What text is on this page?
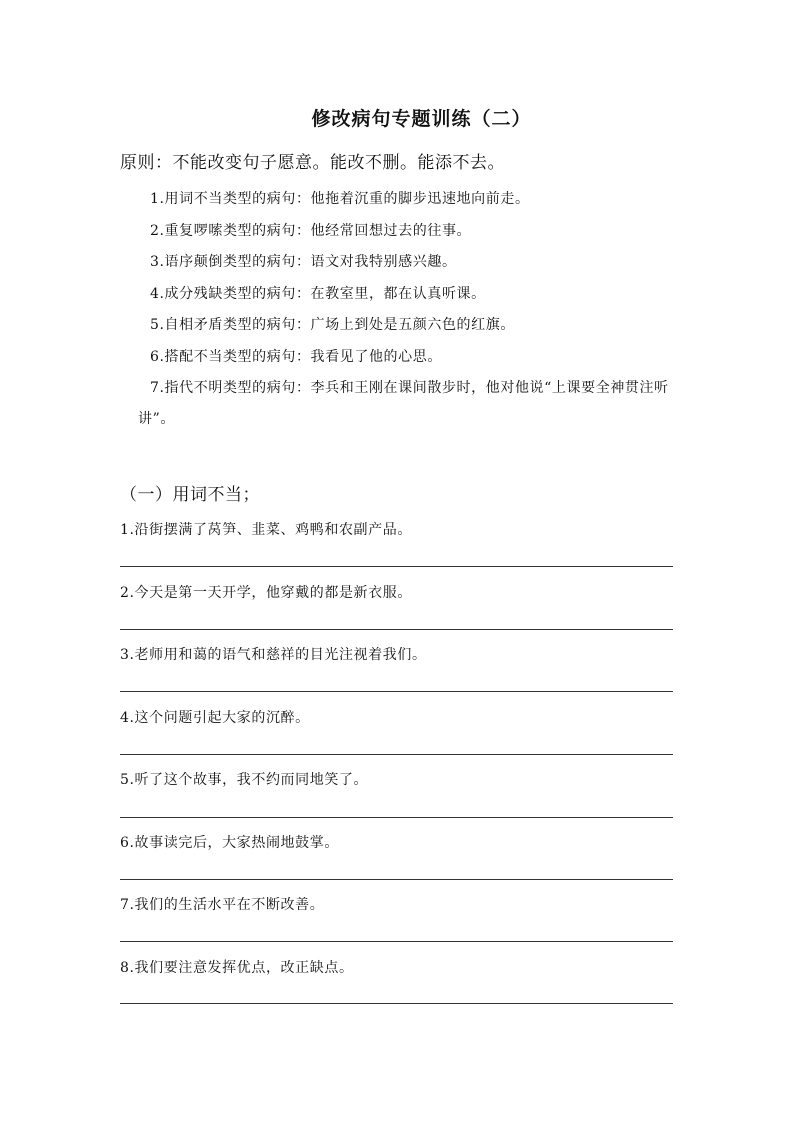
修改病句专题训练（二）
原则：不能改变句子愿意。能改不删。能添不去。
1.用词不当类型的病句：他拖着沉重的脚步迅速地向前走。
2.重复啰嗦类型的病句：他经常回想过去的往事。
3.语序颠倒类型的病句：语文对我特别感兴趣。
4.成分残缺类型的病句：在教室里，都在认真听课。
5.自相矛盾类型的病句：广场上到处是五颜六色的红旗。
6.搭配不当类型的病句：我看见了他的心思。
7.指代不明类型的病句：李兵和王刚在课间散步时，他对他说“上课要全神贯注听讲”。
（一）用词不当；
1.沿街摆满了莴笋、韭菜、鸡鸭和农副产品。
2.今天是第一天开学，他穿戴的都是新衣服。
3.老师用和蔼的语气和慈祥的目光注视着我们。
4.这个问题引起大家的沉醉。
5.听了这个故事，我不约而同地笑了。
6.故事读完后，大家热闹地鼓掌。
7.我们的生活水平在不断改善。
8.我们要注意发挥优点，改正缺点。
